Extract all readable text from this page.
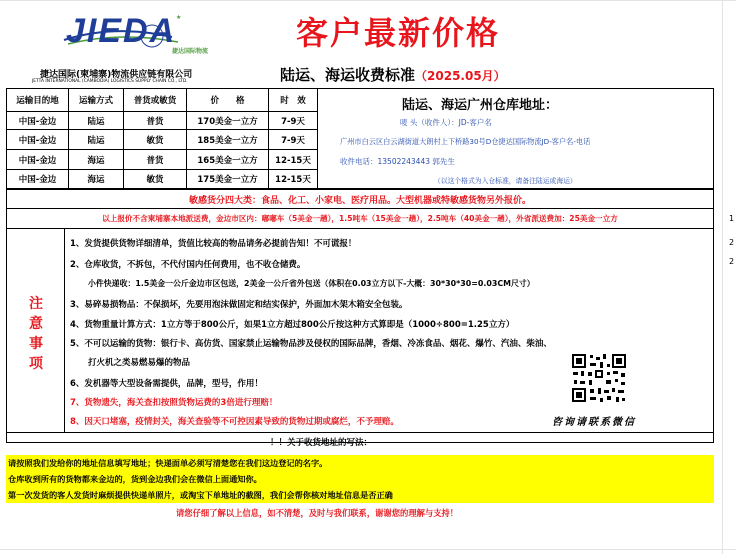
★
JIEDA
捷达国际物流
捷达国际(柬埔寨)物流供应链有限公司
JETTA INTERNATIONAL (CAMBODIA) LOGISTICS SUPPLY CHAIN CO., LTD.
客户最新价格
陆运、海运收费标准（2025.05月）
运输目的地	运输方式	普货或敏货	价　　格	时　效
中国-金边	陆运	普货	170美金一立方	7-9天
中国-金边	陆运	敏货	185美金一立方	7-9天
中国-金边	海运	普货	165美金一立方	12-15天
中国-金边	海运	敏货	175美金一立方	12-15天
陆运、海运广州仓库地址：
唛 头（收件人）：JD-客户名
广州市白云区白云湖街道大朗村上下桥路30号D仓捷达国际物流JD-客户名-电话
收件电话：13502243443 郭先生
（以这个格式为入仓标准，请备注陆运或海运）
敏感货分四大类：食品、化工、小家电、医疗用品。大型机器或特敏感货物另外报价。
以上报价不含柬埔寨本地派送费，金边市区内：嘟嘟车（5美金一趟），1.5吨车（15美金一趟），2.5吨车（40美金一趟），外省派送费加：25美金一立方
注意事项
1、发货提供货物详细清单，货值比较高的物品请务必提前告知！不可谎报！
2、仓库收货，不拆包，不代付国内任何费用，也不收仓储费。
小件快递收：1.5美金一公斤金边市区包送，2美金一公斤省外包送（体积在0.03立方以下-大概：30*30*30=0.03CM尺寸）
3、易碎易损物品：不保损坏，先要用泡沫做固定和结实保护，外面加木架木箱安全包装。
4、货物重量计算方式：1立方等于800公斤，如果1立方超过800公斤按这种方式算即是（1000÷800=1.25立方）
5、不可以运输的货物：银行卡、高仿货、国家禁止运输物品涉及侵权的国际品牌，香烟、冷冻食品、烟花、爆竹、汽油、柴油、
打火机之类易燃易爆的物品
6、发机器等大型设备需提供，品牌，型号，作用！
7、货物遗失，海关查扣按照货物运费的3倍进行理赔！
8、因天口堵塞，疫情封关，海关查验等不可控因素导致的货物过期或腐烂，不予理赔。	咨询请联系微信
！！关于收货地址的写法：
请按照我们发给你的地址信息填写地址；快递面单必须写清楚您在我们这边登记的名字。
仓库收到所有的货物都来金边的，货到金边我们会在微信上面通知你。
第一次发货的客人发货时麻烦提供快递单照片，或淘宝下单地址的截图，我们会帮你核对地址信息是否正确
请您仔细了解以上信息，如不清楚，及时与我们联系，谢谢您的理解与支持！
1
2
2
